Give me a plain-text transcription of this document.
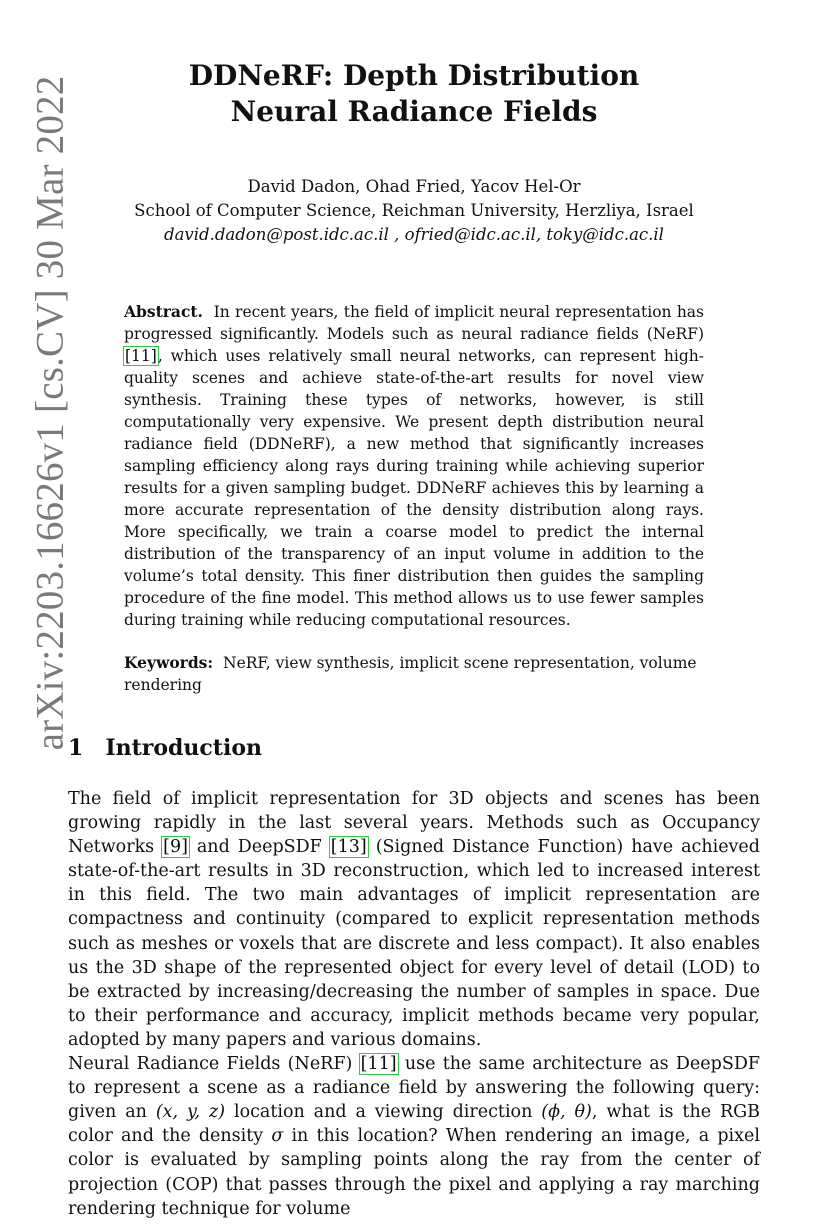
arXiv:2203.16626v1 [cs.CV] 30 Mar 2022	DDNeRF: Depth Distribution
Neural Radiance Fields
David Dadon, Ohad Fried, Yacov Hel-Or
School of Computer Science, Reichman University, Herzliya, Israel
david.dadon@post.idc.ac.il , ofried@idc.ac.il, toky@idc.ac.il

Abstract. In recent years, the field of implicit neural representation has progressed significantly. Models such as neural radiance fields (NeRF) [11], which uses relatively small neural networks, can represent high-quality scenes and achieve state-of-the-art results for novel view synthesis. Training these types of networks, however, is still computationally very expensive. We present depth distribution neural radiance field (DDNeRF), a new method that significantly increases sampling efficiency along rays during training while achieving superior results for a given sampling budget. DDNeRF achieves this by learning a more accurate representation of the density distribution along rays. More specifically, we train a coarse model to predict the internal distribution of the transparency of an input volume in addition to the volume’s total density. This finer distribution then guides the sampling procedure of the fine model. This method allows us to use fewer samples during training while reducing computational resources.

Keywords: NeRF, view synthesis, implicit scene representation, volume rendering

1 Introduction

The field of implicit representation for 3D objects and scenes has been growing rapidly in the last several years. Methods such as Occupancy Networks [9] and DeepSDF [13] (Signed Distance Function) have achieved state-of-the-art results in 3D reconstruction, which led to increased interest in this field. The two main advantages of implicit representation are compactness and continuity (compared to explicit representation methods such as meshes or voxels that are discrete and less compact). It also enables us the 3D shape of the represented object for every level of detail (LOD) to be extracted by increasing/decreasing the number of samples in space. Due to their performance and accuracy, implicit methods became very popular, adopted by many papers and various domains.

Neural Radiance Fields (NeRF) [11] use the same architecture as DeepSDF to represent a scene as a radiance field by answering the following query: given an (x, y, z) location and a viewing direction (ϕ, θ), what is the RGB color and the density σ in this location? When rendering an image, a pixel color is evaluated by sampling points along the ray from the center of projection (COP) that passes through the pixel and applying a ray marching rendering technique for volume
